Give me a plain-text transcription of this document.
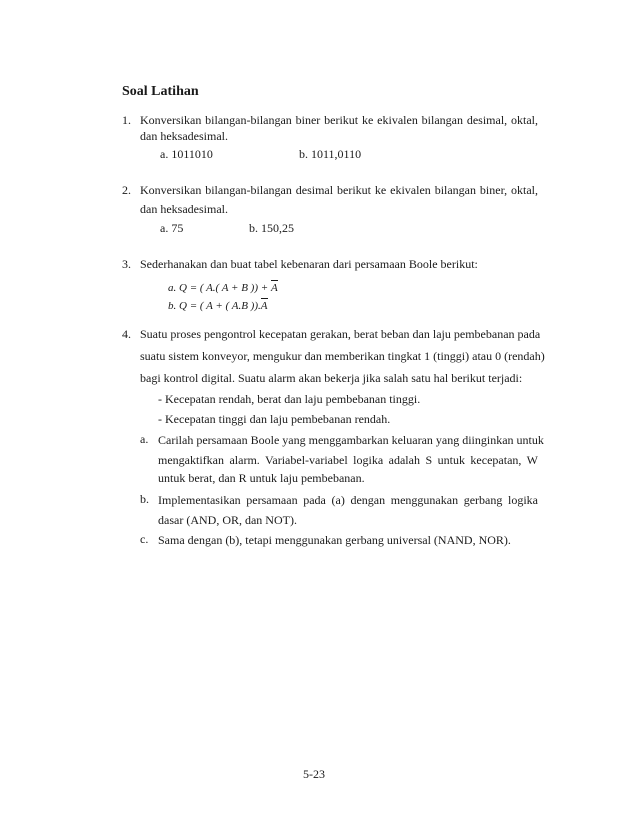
Soal Latihan
1. Konversikan bilangan-bilangan biner berikut ke ekivalen bilangan desimal, oktal,
dan heksadesimal.
a. 1011010	b. 1011,0110
2. Konversikan bilangan-bilangan desimal berikut ke ekivalen bilangan biner, oktal,
dan heksadesimal.
a. 75	b. 150,25
3. Sederhanakan dan buat tabel kebenaran dari persamaan Boole berikut:
a. Q = ( A.( A + B )) + A
b. Q = ( A + ( A.B )).A
4. Suatu proses pengontrol kecepatan gerakan, berat beban dan laju pembebanan pada
suatu sistem konveyor, mengukur dan memberikan tingkat 1 (tinggi) atau 0 (rendah)
bagi kontrol digital. Suatu alarm akan bekerja jika salah satu hal berikut terjadi:
- Kecepatan rendah, berat dan laju pembebanan tinggi.
- Kecepatan tinggi dan laju pembebanan rendah.
a. Carilah persamaan Boole yang menggambarkan keluaran yang diinginkan untuk
mengaktifkan alarm. Variabel-variabel logika adalah S untuk kecepatan, W
untuk berat, dan R untuk laju pembebanan.
b. Implementasikan persamaan pada (a) dengan menggunakan gerbang logika
dasar (AND, OR, dan NOT).
c. Sama dengan (b), tetapi menggunakan gerbang universal (NAND, NOR).
5-23
